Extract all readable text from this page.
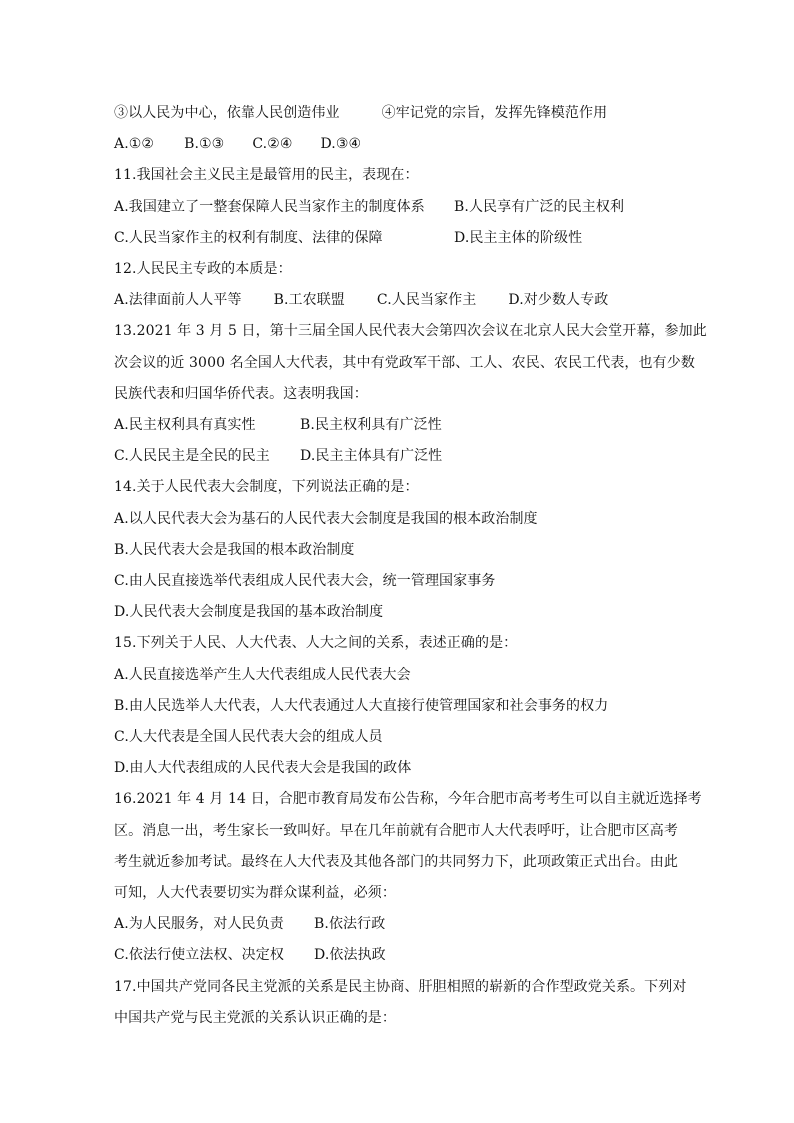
③以人民为中心，依靠人民创造伟业	④牢记党的宗旨，发挥先锋模范作用
A.①② B.①③ C.②④ D.③④
11.我国社会主义民主是最管用的民主，表现在：
A.我国建立了一整套保障人民当家作主的制度体系	B.人民享有广泛的民主权利
C.人民当家作主的权利有制度、法律的保障	D.民主主体的阶级性
12.人民民主专政的本质是：
A.法律面前人人平等 B.工农联盟 C.人民当家作主 D.对少数人专政
13.2021 年 3 月 5 日，第十三届全国人民代表大会第四次会议在北京人民大会堂开幕，参加此
次会议的近 3000 名全国人大代表，其中有党政军干部、工人、农民、农民工代表，也有少数
民族代表和归国华侨代表。这表明我国：
A.民主权利具有真实性	B.民主权利具有广泛性
C.人民民主是全民的民主	D.民主主体具有广泛性
14.关于人民代表大会制度，下列说法正确的是：
A.以人民代表大会为基石的人民代表大会制度是我国的根本政治制度
B.人民代表大会是我国的根本政治制度
C.由人民直接选举代表组成人民代表大会，统一管理国家事务
D.人民代表大会制度是我国的基本政治制度
15.下列关于人民、人大代表、人大之间的关系，表述正确的是：
A.人民直接选举产生人大代表组成人民代表大会
B.由人民选举人大代表，人大代表通过人大直接行使管理国家和社会事务的权力
C.人大代表是全国人民代表大会的组成人员
D.由人大代表组成的人民代表大会是我国的政体
16.2021 年 4 月 14 日，合肥市教育局发布公告称，今年合肥市高考考生可以自主就近选择考
区。消息一出，考生家长一致叫好。早在几年前就有合肥市人大代表呼吁，让合肥市区高考
考生就近参加考试。最终在人大代表及其他各部门的共同努力下，此项政策正式出台。由此
可知，人大代表要切实为群众谋利益，必须：
A.为人民服务，对人民负责	B.依法行政
C.依法行使立法权、决定权	D.依法执政
17.中国共产党同各民主党派的关系是民主协商、肝胆相照的崭新的合作型政党关系。下列对
中国共产党与民主党派的关系认识正确的是：
